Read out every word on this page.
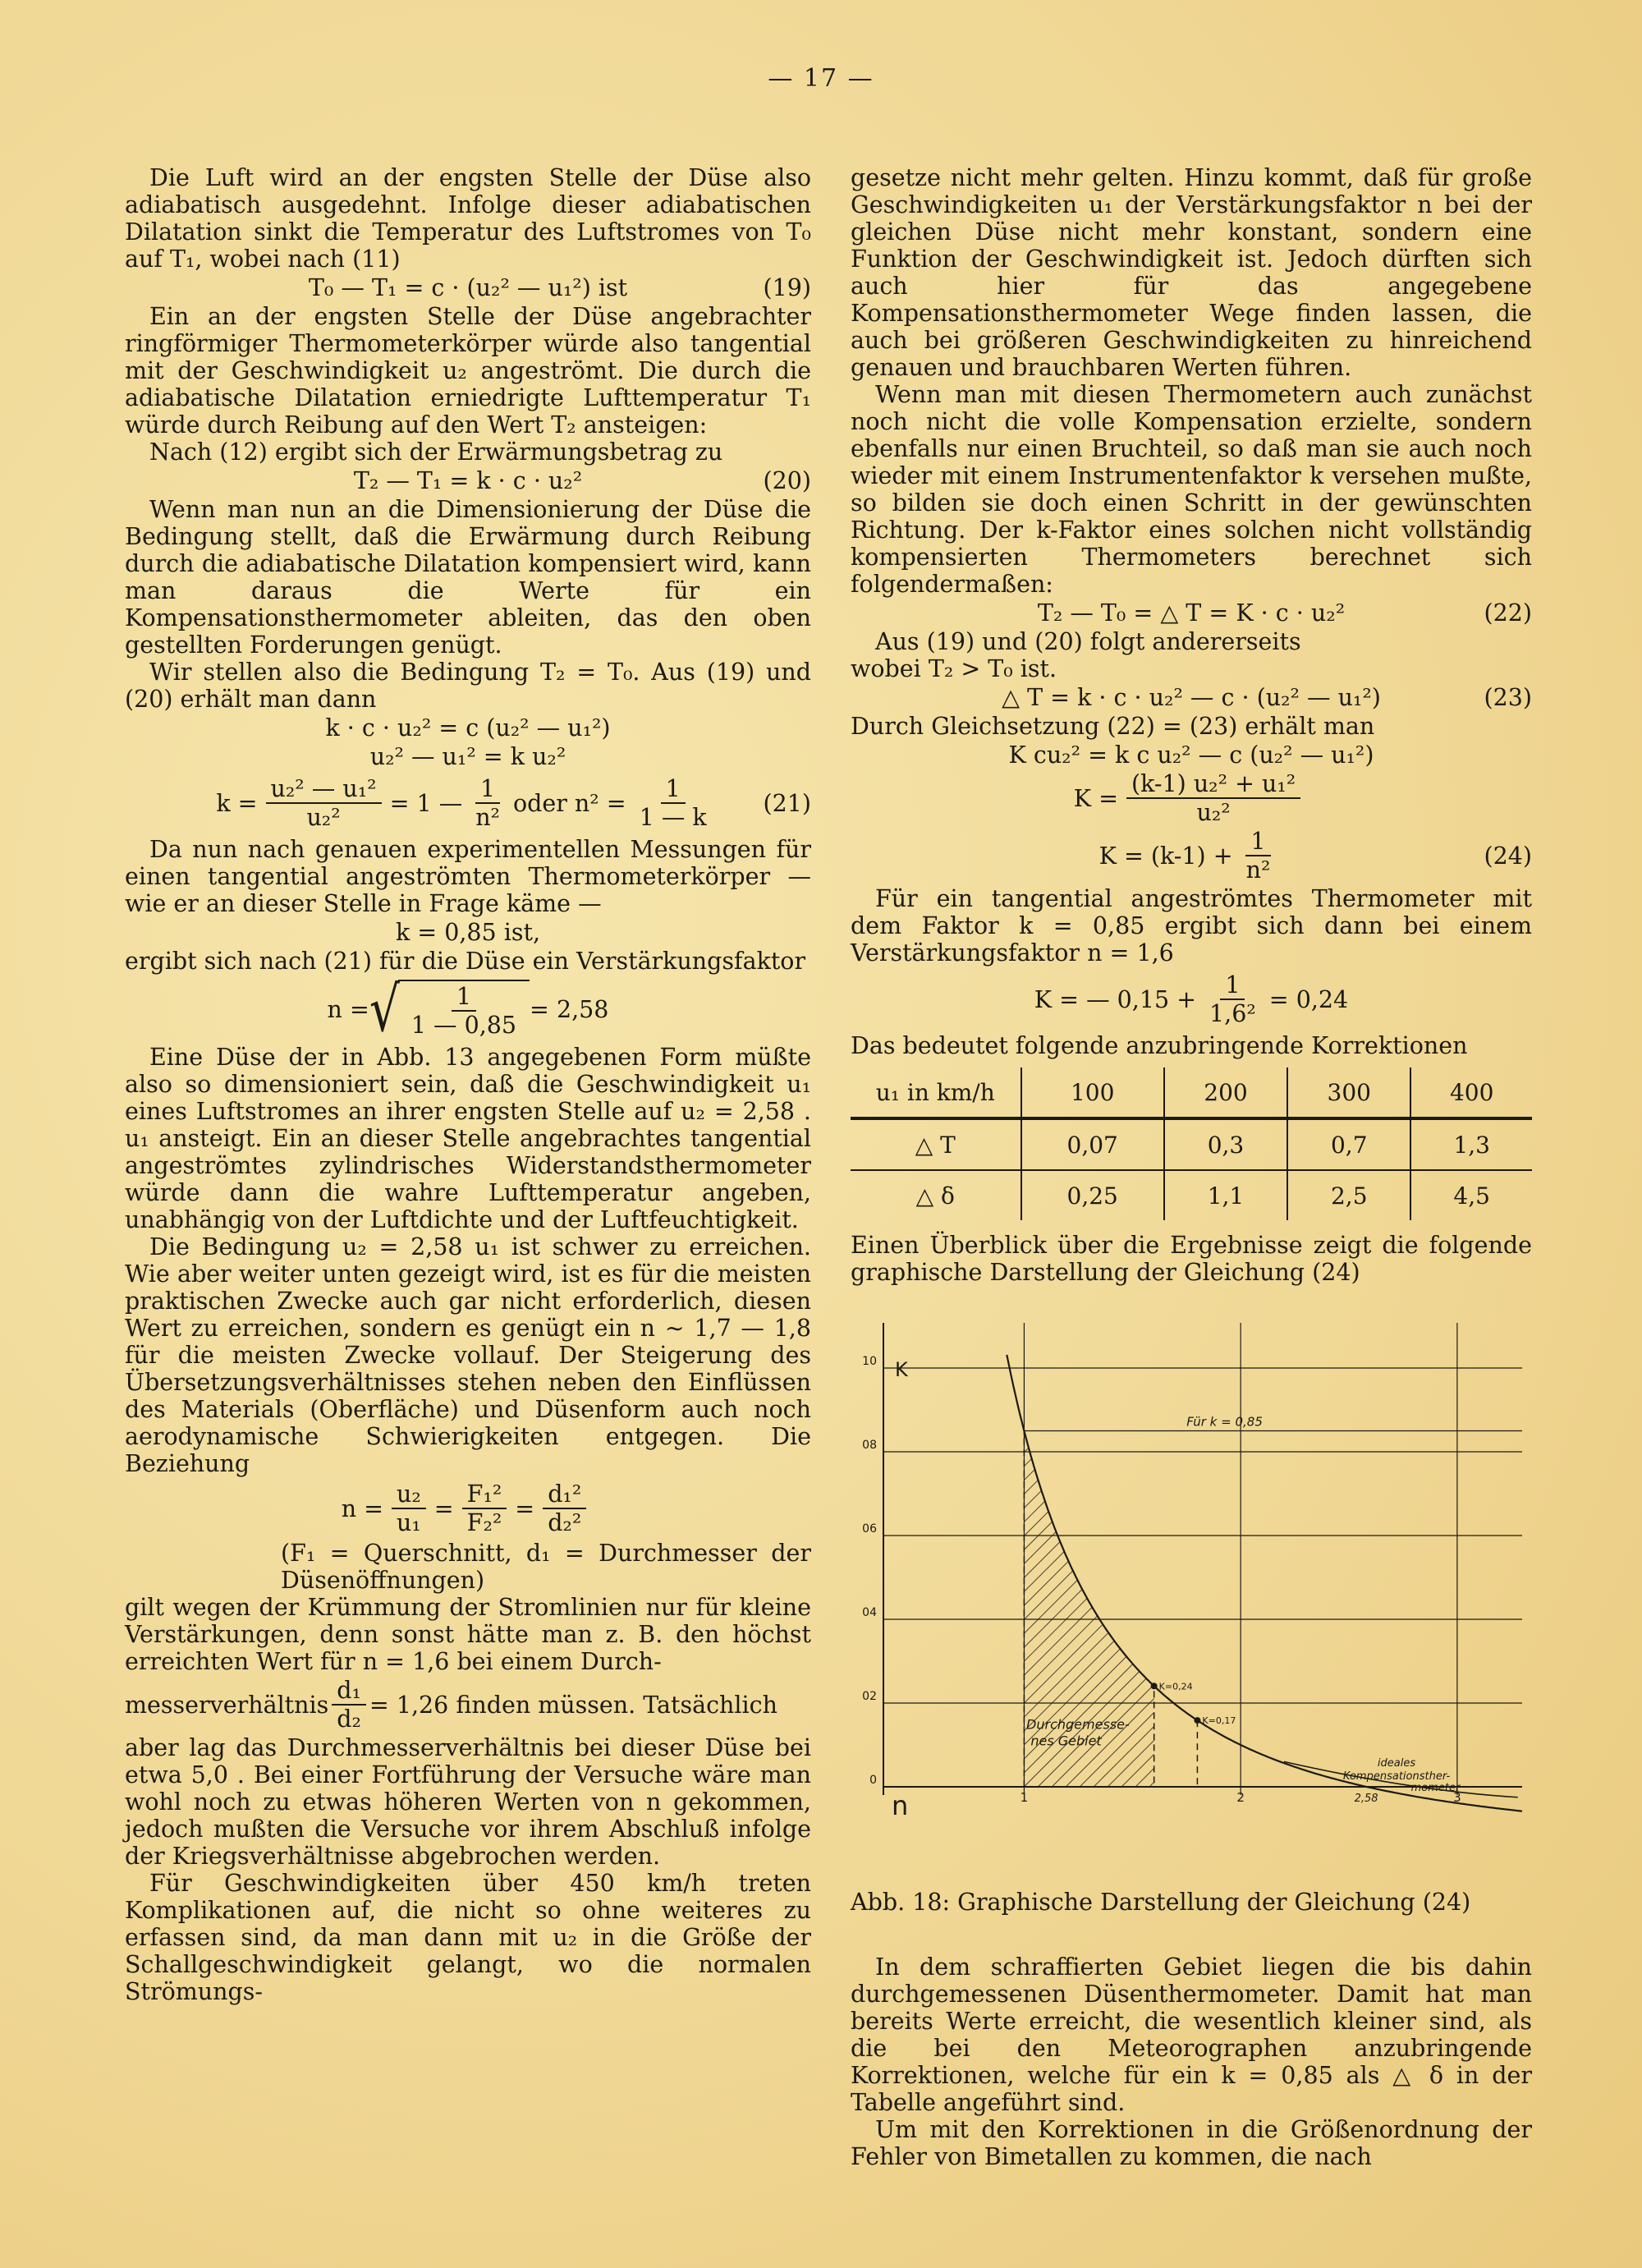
— 17 —

Die Luft wird an der engsten Stelle der Düse also adiabatisch ausgedehnt. Infolge dieser adiabatischen Dilatation sinkt die Temperatur des Luftstromes von T₀ auf T₁, wobei nach (11)

T₀ — T₁ = c · (u₂² — u₁²) ist	(19)

Ein an der engsten Stelle der Düse angebrachter ringförmiger Thermometerkörper würde also tangential mit der Geschwindigkeit u₂ angeströmt. Die durch die adiabatische Dilatation erniedrigte Lufttemperatur T₁ würde durch Reibung auf den Wert T₂ ansteigen:

Nach (12) ergibt sich der Erwärmungsbetrag zu

T₂ — T₁ = k · c · u₂²	(20)

Wenn man nun an die Dimensionierung der Düse die Bedingung stellt, daß die Erwärmung durch Reibung durch die adiabatische Dilatation kompensiert wird, kann man daraus die Werte für ein Kompensationsthermometer ableiten, das den oben gestellten Forderungen genügt.

Wir stellen also die Bedingung T₂ = T₀. Aus (19) und (20) erhält man dann

k · c · u₂² = c (u₂² — u₁²)
u₂² — u₁² = k u₂²
$k = \frac{\text{u₂² — u₁²}}{\text{u₂²}} = 1$ — $\frac{1}{\text{n²}}$ oder $n^2 = \frac{1}{1 — k} (21)$

Da nun nach genauen experimentellen Messungen für einen tangential angeströmten Thermometerkörper — wie er an dieser Stelle in Frage käme —

k = 0,85 ist,

ergibt sich nach (21) für die Düse ein Verstärkungsfaktor

n = √ $\frac{1}{1 — 0,85} = 2,58$

Eine Düse der in Abb. 13 angegebenen Form müßte also so dimensioniert sein, daß die Geschwindigkeit u₁ eines Luftstromes an ihrer engsten Stelle auf u₂ = 2,58 . u₁ ansteigt. Ein an dieser Stelle angebrachtes tangential angeströmtes zylindrisches Widerstandsthermometer würde dann die wahre Lufttemperatur angeben, unabhängig von der Luftdichte und der Luftfeuchtigkeit.

Die Bedingung u₂ = 2,58 u₁ ist schwer zu erreichen. Wie aber weiter unten gezeigt wird, ist es für die meisten praktischen Zwecke auch gar nicht erforderlich, diesen Wert zu erreichen, sondern es genügt ein n ∼ 1,7 — 1,8 für die meisten Zwecke vollauf. Der Steigerung des Übersetzungsverhältnisses stehen neben den Einflüssen des Materials (Oberfläche) und Düsenform auch noch aerodynamische Schwierigkeiten entgegen. Die Beziehung

$n = \frac{\text{u₂}}{\text{u₁}} = \frac{\text{F₁²}}{\text{F₂²}} = \frac{\text{d₁²}}{\text{d₂²}}$

(F₁ = Querschnitt, d₁ = Durchmesser der Düsenöffnungen)

gilt wegen der Krümmung der Stromlinien nur für kleine Verstärkungen, denn sonst hätte man z. B. den höchst erreichten Wert für n = 1,6 bei einem Durch-

messerverhältnis $\frac{\text{d₁}}{\text{d₂}} = 1,26$ finden müssen. Tatsächlich

aber lag das Durchmesserverhältnis bei dieser Düse bei etwa 5,0 . Bei einer Fortführung der Versuche wäre man wohl noch zu etwas höheren Werten von n gekommen, jedoch mußten die Versuche vor ihrem Abschluß infolge der Kriegsverhältnisse abgebrochen werden.

Für Geschwindigkeiten über 450 km/h treten Komplikationen auf, die nicht so ohne weiteres zu erfassen sind, da man dann mit u₂ in die Größe der Schallgeschwindigkeit gelangt, wo die normalen Strömungs-

gesetze nicht mehr gelten. Hinzu kommt, daß für große Geschwindigkeiten u₁ der Verstärkungsfaktor n bei der gleichen Düse nicht mehr konstant, sondern eine Funktion der Geschwindigkeit ist. Jedoch dürften sich auch hier für das angegebene Kompensationsthermometer Wege finden lassen, die auch bei größeren Geschwindigkeiten zu hinreichend genauen und brauchbaren Werten führen.

Wenn man mit diesen Thermometern auch zunächst noch nicht die volle Kompensation erzielte, sondern ebenfalls nur einen Bruchteil, so daß man sie auch noch wieder mit einem Instrumentenfaktor k versehen mußte, so bilden sie doch einen Schritt in der gewünschten Richtung. Der k-Faktor eines solchen nicht vollständig kompensierten Thermometers berechnet sich folgendermaßen:

T₂ — T₀ = △ T = K · c · u₂²	(22)

Aus (19) und (20) folgt andererseits

wobei T₂ > T₀ ist.

△ T = k · c · u₂² — c · (u₂² — u₁²)	(23)

Durch Gleichsetzung (22) = (23) erhält man

K cu₂² = k c u₂² — c (u₂² — u₁²)
$K = \frac{\text{(k-1) u₂² + u₁²}}{\text{u₂²}}$
$K = (k-1) + \frac{1}{\text{n²}}$	(24)

Für ein tangential angeströmtes Thermometer mit dem Faktor k = 0,85 ergibt sich dann bei einem Verstärkungsfaktor n = 1,6

K = — $0,15 + \frac{1}{\text{1,6²}} = 0,24$

Das bedeutet folgende anzubringende Korrektionen

u₁ in km/h	100	200	300	400
△ T	0,07	0,3	0,7	1,3
△ δ	0,25	1,1	2,5	4,5

Einen Überblick über die Ergebnisse zeigt die folgende graphische Darstellung der Gleichung (24)

0
02
04
06
08
10
1	2	3
2,58
K
n
Für k = 0,85
Durchgemesse-
nes Gebiet
K=0,24
K=0,17
ideales
Kompensationsther-
mometer

Abb. 18: Graphische Darstellung der Gleichung (24)

In dem schraffierten Gebiet liegen die bis dahin durchgemessenen Düsenthermometer. Damit hat man bereits Werte erreicht, die wesentlich kleiner sind, als die bei den Meteorographen anzubringende Korrektionen, welche für ein k = 0,85 als △ δ in der Tabelle angeführt sind.

Um mit den Korrektionen in die Größenordnung der Fehler von Bimetallen zu kommen, die nach
